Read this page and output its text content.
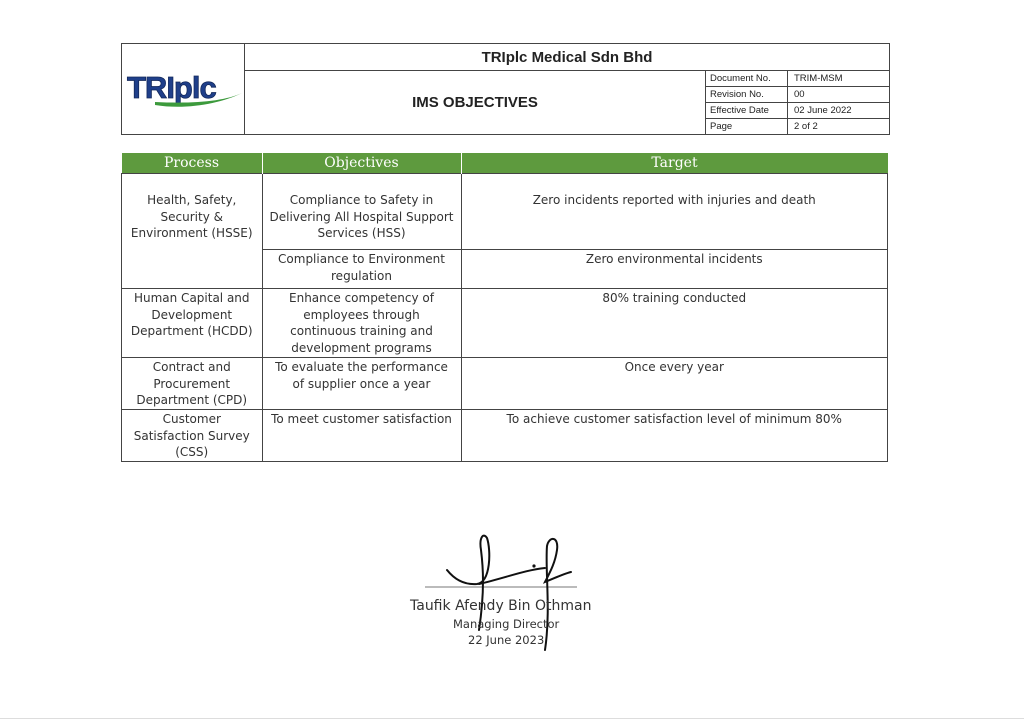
TRIplc
TRIplc Medical Sdn Bhd
IMS OBJECTIVES
Document No.	TRIM-MSM
Revision No.	00
Effective Date	02 June 2022
Page	2 of 2
Process	Objectives	Target
Health, Safety, Security & Environment (HSSE)	Compliance to Safety in Delivering All Hospital Support Services (HSS)	Zero incidents reported with injuries and death
	Compliance to Environment regulation	Zero environmental incidents
Human Capital and Development Department (HCDD)	Enhance competency of employees through continuous training and development programs	80% training conducted
Contract and Procurement Department (CPD)	To evaluate the performance of supplier once a year	Once every year
Customer Satisfaction Survey (CSS)	To meet customer satisfaction	To achieve customer satisfaction level of minimum 80%
Taufik Afendy Bin Othman
Managing Director
22 June 2023
